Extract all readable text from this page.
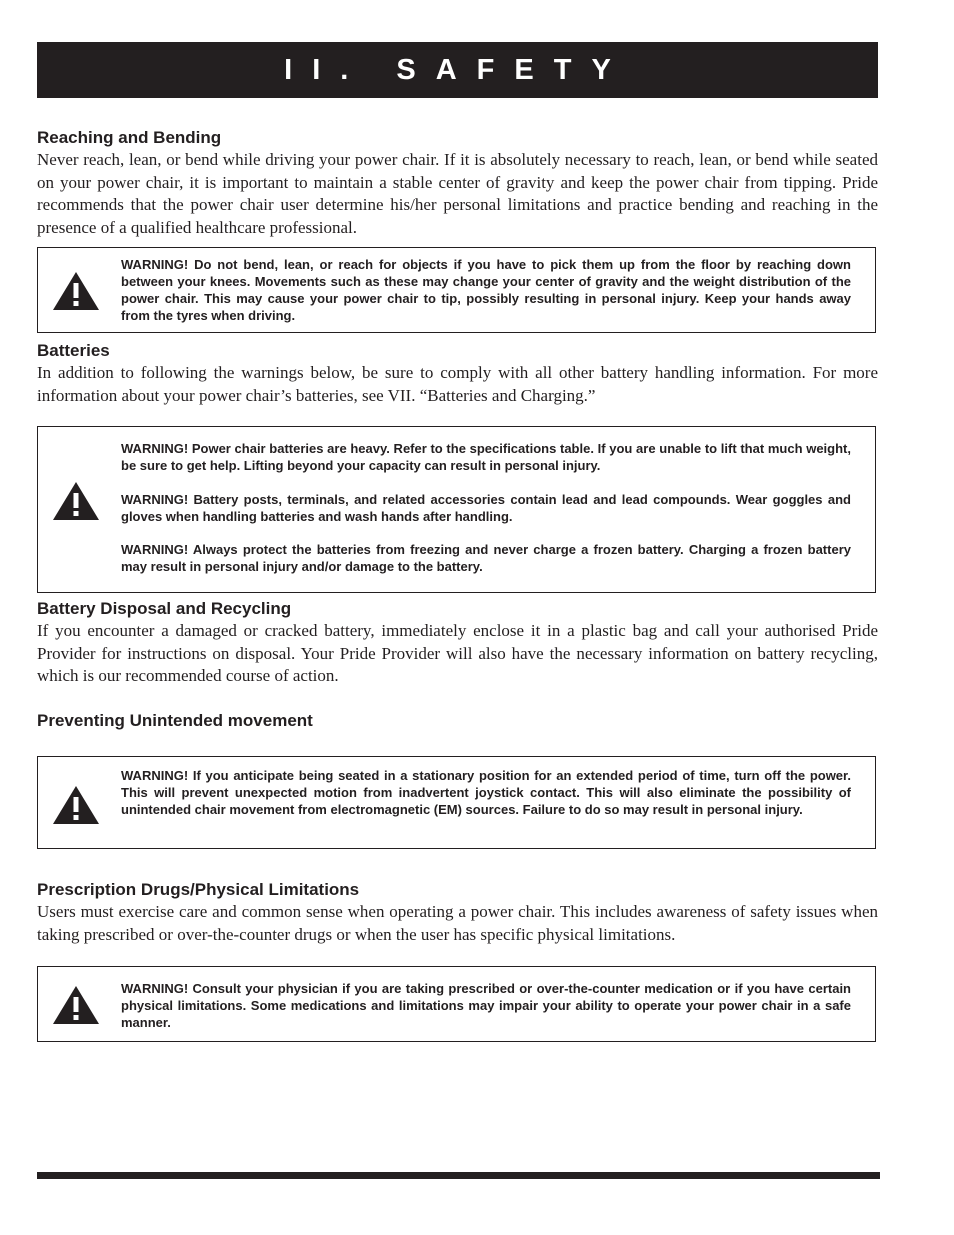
II. SAFETY
Reaching and Bending

Never reach, lean, or bend while driving your power chair. If it is absolutely necessary to reach, lean, or bend while seated on your power chair, it is important to maintain a stable center of gravity and keep the power chair from tipping. Pride recommends that the power chair user determine his/her personal limitations and practice bending and reaching in the presence of a qualified healthcare professional.

WARNING! Do not bend, lean, or reach for objects if you have to pick them up from the floor by reaching down between your knees. Movements such as these may change your center of gravity and the weight distribution of the power chair. This may cause your power chair to tip, possibly resulting in personal injury. Keep your hands away from the tyres when driving.

Batteries

In addition to following the warnings below, be sure to comply with all other battery handling information. For more information about your power chair’s batteries, see VII. “Batteries and Charging.”

WARNING! Power chair batteries are heavy. Refer to the specifications table. If you are unable to lift that much weight, be sure to get help. Lifting beyond your capacity can result in personal injury.

WARNING! Battery posts, terminals, and related accessories contain lead and lead compounds. Wear goggles and gloves when handling batteries and wash hands after handling.

WARNING! Always protect the batteries from freezing and never charge a frozen battery. Charging a frozen battery may result in personal injury and/or damage to the battery.

Battery Disposal and Recycling

If you encounter a damaged or cracked battery, immediately enclose it in a plastic bag and call your authorised Pride Provider for instructions on disposal. Your Pride Provider will also have the necessary information on battery recycling, which is our recommended course of action.

Preventing Unintended movement

WARNING! If you anticipate being seated in a stationary position for an extended period of time, turn off the power. This will prevent unexpected motion from inadvertent joystick contact. This will also eliminate the possibility of unintended chair movement from electromagnetic (EM) sources. Failure to do so may result in personal injury.

Prescription Drugs/Physical Limitations

Users must exercise care and common sense when operating a power chair. This includes awareness of safety issues when taking prescribed or over-the-counter drugs or when the user has specific physical limitations.

WARNING! Consult your physician if you are taking prescribed or over-the-counter medication or if you have certain physical limitations. Some medications and limitations may impair your ability to operate your power chair in a safe manner.
